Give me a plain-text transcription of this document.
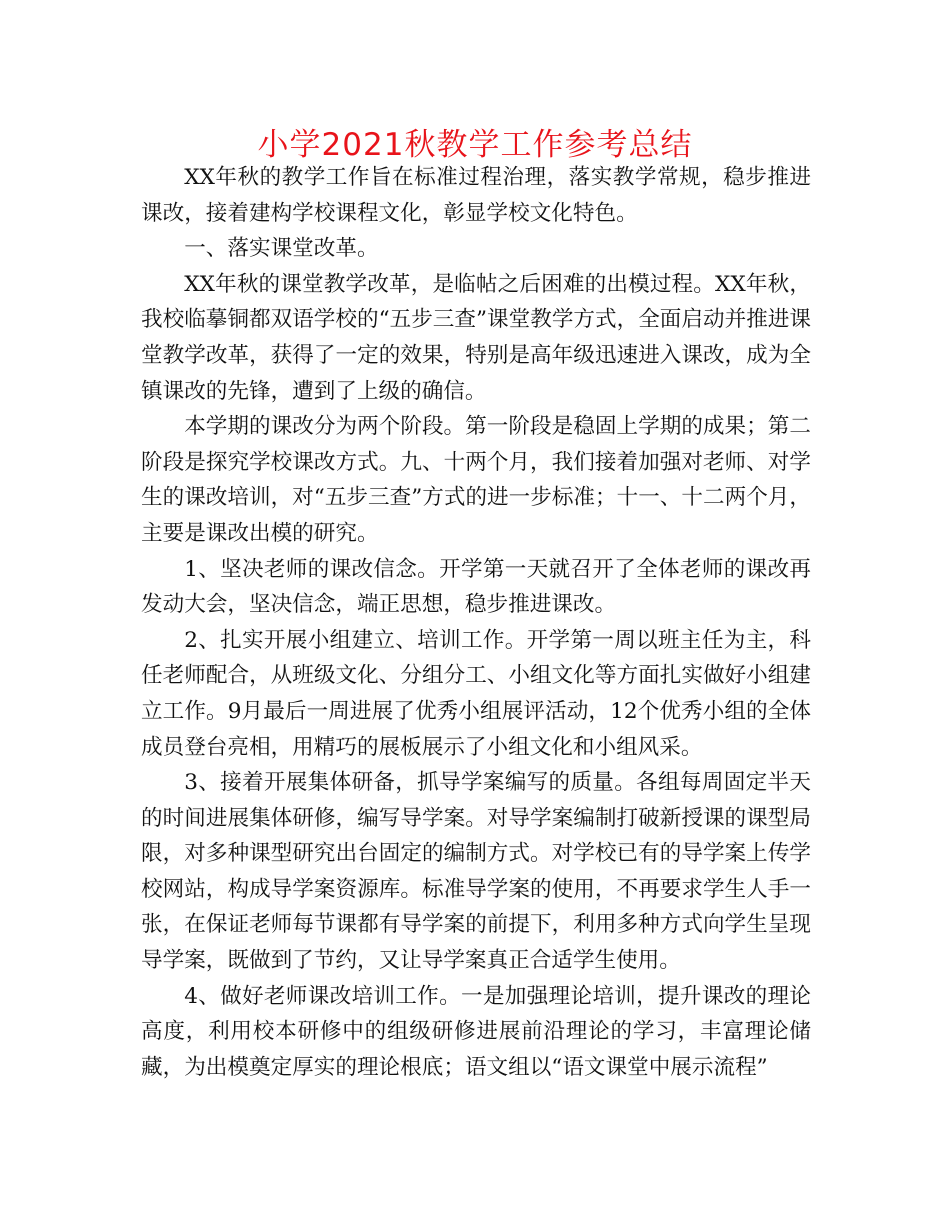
小学2021秋教学工作参考总结

XX年秋的教学工作旨在标准过程治理，落实教学常规，稳步推进课改，接着建构学校课程文化，彰显学校文化特色。

一、落实课堂改革。

XX年秋的课堂教学改革，是临帖之后困难的出模过程。XX年秋，我校临摹铜都双语学校的“五步三查”课堂教学方式，全面启动并推进课堂教学改革，获得了一定的效果，特别是高年级迅速进入课改，成为全镇课改的先锋，遭到了上级的确信。

本学期的课改分为两个阶段。第一阶段是稳固上学期的成果；第二阶段是探究学校课改方式。九、十两个月，我们接着加强对老师、对学生的课改培训，对“五步三查”方式的进一步标准；十一、十二两个月，主要是课改出模的研究。

1、坚决老师的课改信念。开学第一天就召开了全体老师的课改再发动大会，坚决信念，端正思想，稳步推进课改。

2、扎实开展小组建立、培训工作。开学第一周以班主任为主，科任老师配合，从班级文化、分组分工、小组文化等方面扎实做好小组建立工作。9月最后一周进展了优秀小组展评活动，12个优秀小组的全体成员登台亮相，用精巧的展板展示了小组文化和小组风采。

3、接着开展集体研备，抓导学案编写的质量。各组每周固定半天的时间进展集体研修，编写导学案。对导学案编制打破新授课的课型局限，对多种课型研究出台固定的编制方式。对学校已有的导学案上传学校网站，构成导学案资源库。标准导学案的使用，不再要求学生人手一张，在保证老师每节课都有导学案的前提下，利用多种方式向学生呈现导学案，既做到了节约，又让导学案真正合适学生使用。

4、做好老师课改培训工作。一是加强理论培训，提升课改的理论高度，利用校本研修中的组级研修进展前沿理论的学习，丰富理论储藏，为出模奠定厚实的理论根底；语文组以“语文课堂中展示流程”
